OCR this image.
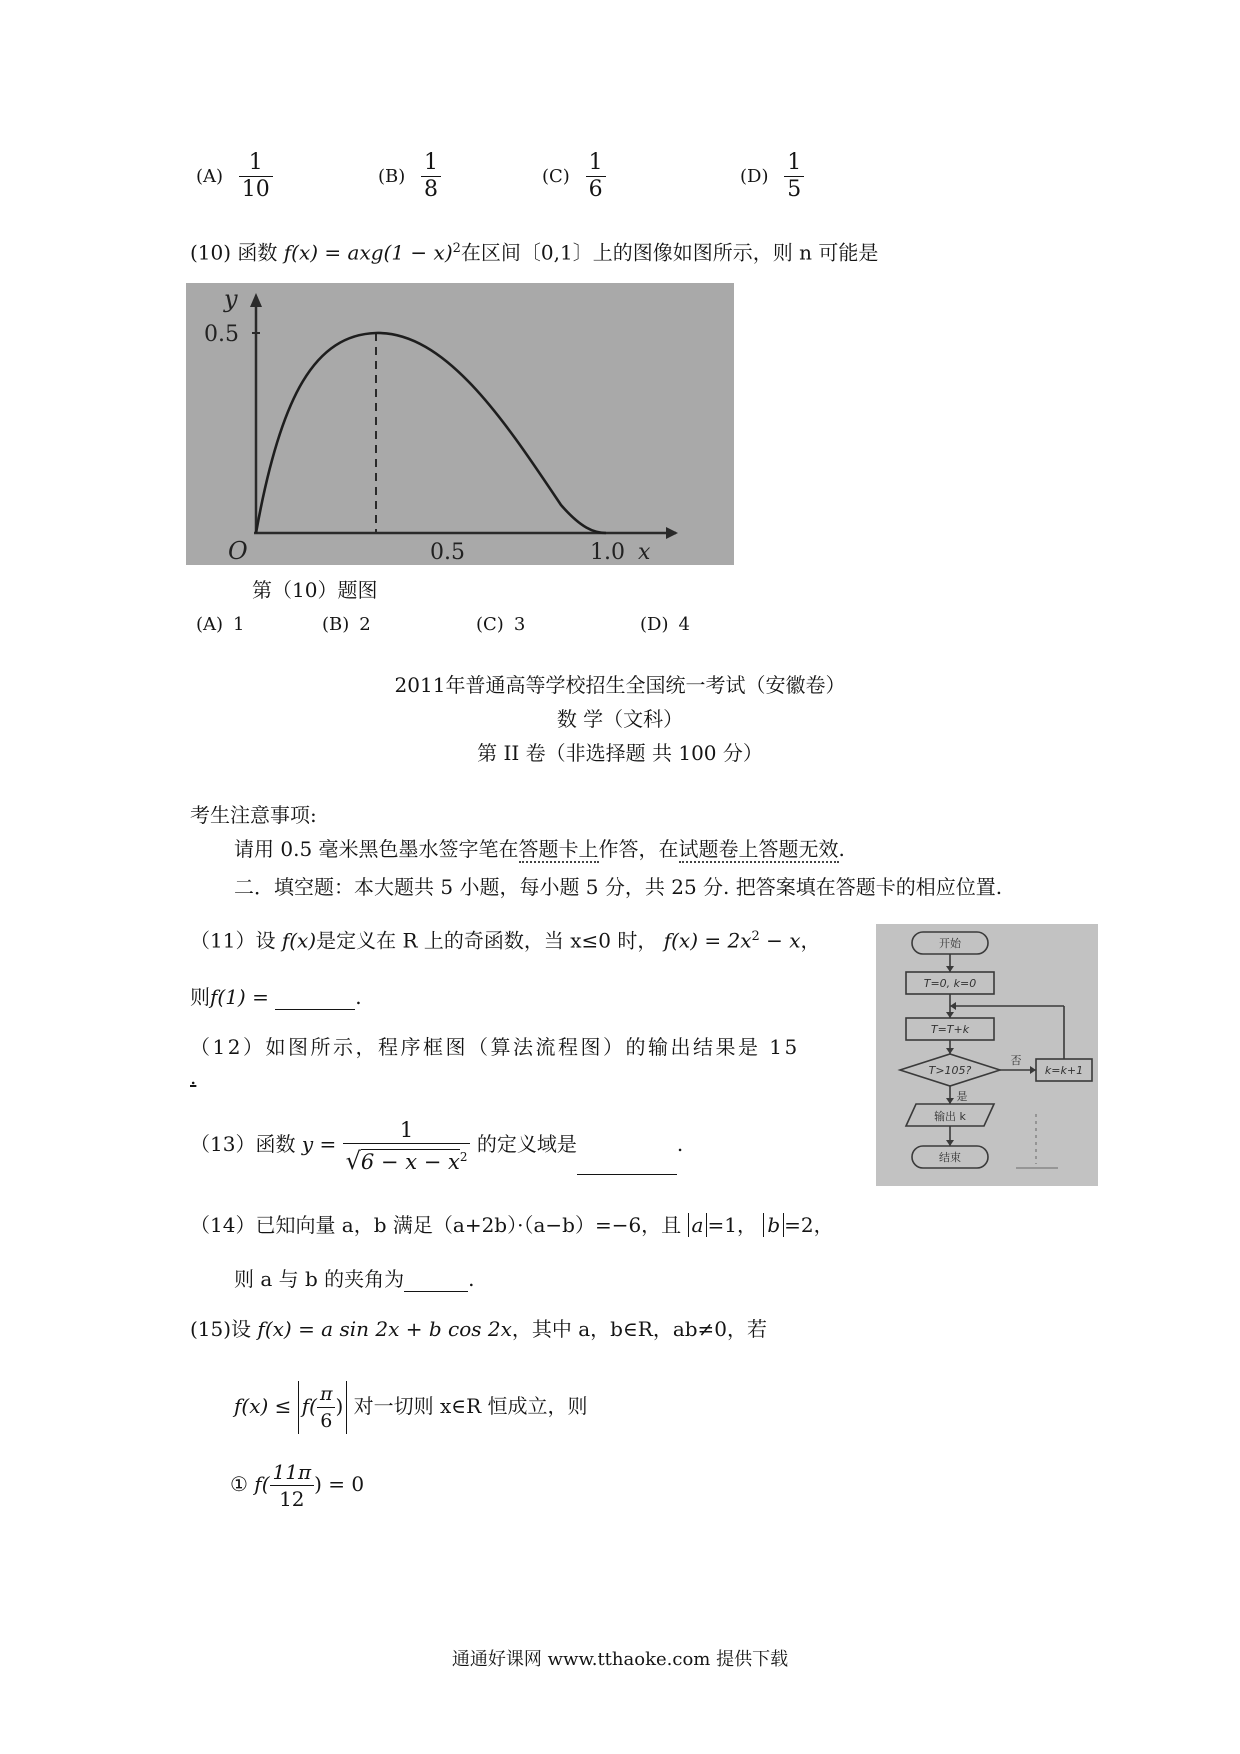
$(A) \frac{1}{10}$	$(B) \frac{1}{8}$	$(C) \frac{1}{6}$	$(D) \frac{1}{5}$
(10) 函数 $f(x) = axg(1 - x)^2$在区间〔0,1〕上的图像如图所示，则 n 可能是
y
0.5
O	0.5	1.0 x
第（10）题图
(A) 1	(B) 2	(C) 3	(D) 4
2011年普通高等学校招生全国统一考试（安徽卷）
数 学（文科）
第 II 卷（非选择题 共 100 分）
考生注意事项:
请用 0.5 毫米黑色墨水签字笔在答题卡上作答，在试题卷上答题无效.
二．填空题：本大题共 5 小题，每小题 5 分，共 25 分. 把答案填在答题卡的相应位置.
（11）设 f(x)是定义在 R 上的奇函数，当 x≤0 时， $f(x) = 2x^2 - x$，
则f(1) =	.
（12）如图所示，程序框图（算法流程图）的输出结果是 15
.
开始
T=0, k=0
T=T+k
T>105?
否
k=k+1
是
输出 k
结束
（13）函数 $y = \frac{1}{√6 - x - x^2}$ 的定义域是	.
（14）已知向量 a，b 满足（a+2b）·（a−b）=−6，且 a =1， b =2，
则 a 与 b 的夹角为	.
(15)设 f(x) = a sin 2x + b cos 2x，其中 a，b∈R，ab≠0，若
$f(x) \le f( \frac{\pi}{6}$ ) 对一切则 x∈R 恒成立，则
① $f( \frac{11\pi}{12}$ ) = 0
通通好课网 www.tthaoke.com 提供下载
